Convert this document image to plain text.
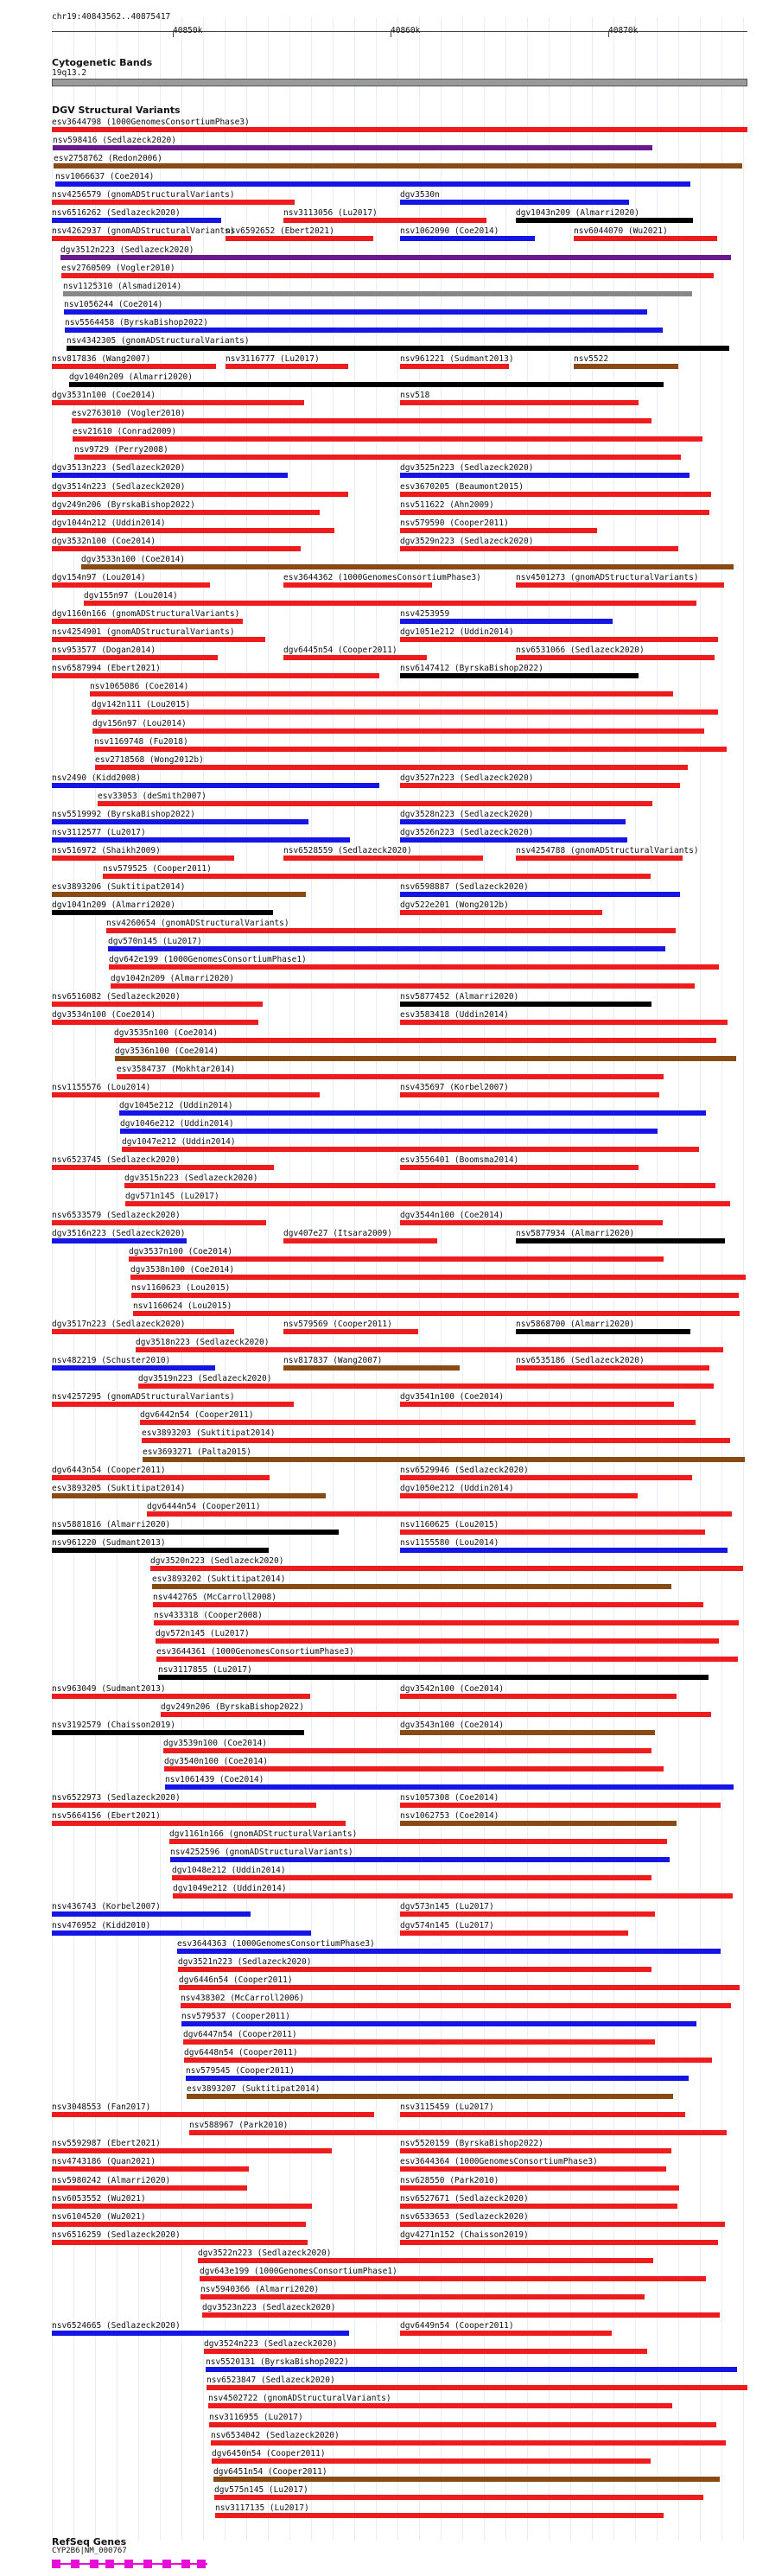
chr19:40843562..40875417
40850k	40860k	40870k
Cytogenetic Bands
19q13.2
DGV Structural Variants
esv3644798 (1000GenomesConsortiumPhase3)
nsv598416 (Sedlazeck2020)
esv2758762 (Redon2006)
nsv1066637 (Coe2014)
nsv4256579 (gnomADStructuralVariants)	dgv3530n
nsv6516262 (Sedlazeck2020)	nsv3113056 (Lu2017)	dgv1043n209 (Almarri2020)
nsv4262937 (gnomADStructuralVariants)
nsv6592652 (Ebert2021)	nsv1062090 (Coe2014)	nsv6044070 (Wu2021)
dgv3512n223 (Sedlazeck2020)
esv2760509 (Vogler2010)
nsv1125310 (Alsmadi2014)
nsv1056244 (Coe2014)
nsv5564458 (ByrskaBishop2022)
nsv4342305 (gnomADStructuralVariants)
nsv817836 (Wang2007)	nsv3116777 (Lu2017)	nsv961221 (Sudmant2013)	nsv5522
dgv1040n209 (Almarri2020)
dgv3531n100 (Coe2014)	nsv518
esv2763010 (Vogler2010)
esv21610 (Conrad2009)
nsv9729 (Perry2008)
dgv3513n223 (Sedlazeck2020)	dgv3525n223 (Sedlazeck2020)
dgv3514n223 (Sedlazeck2020)	esv3670205 (Beaumont2015)
dgv249n206 (ByrskaBishop2022)	nsv511622 (Ahn2009)
dgv1044n212 (Uddin2014)	nsv579590 (Cooper2011)
dgv3532n100 (Coe2014)	dgv3529n223 (Sedlazeck2020)
dgv3533n100 (Coe2014)
dgv154n97 (Lou2014)	esv3644362 (1000GenomesConsortiumPhase3)	nsv4501273 (gnomADStructuralVariants)
dgv155n97 (Lou2014)
dgv1160n166 (gnomADStructuralVariants)	nsv4253959
nsv4254901 (gnomADStructuralVariants)	dgv1051e212 (Uddin2014)
nsv953577 (Dogan2014)	dgv6445n54 (Cooper2011)	nsv6531066 (Sedlazeck2020)
nsv6587994 (Ebert2021)	nsv6147412 (ByrskaBishop2022)
nsv1065086 (Coe2014)
dgv142n111 (Lou2015)
dgv156n97 (Lou2014)
nsv1169748 (Fu2018)
esv2718568 (Wong2012b)
nsv2490 (Kidd2008)	dgv3527n223 (Sedlazeck2020)
esv33053 (deSmith2007)
nsv5519992 (ByrskaBishop2022)	dgv3528n223 (Sedlazeck2020)
nsv3112577 (Lu2017)	dgv3526n223 (Sedlazeck2020)
nsv516972 (Shaikh2009)	nsv6528559 (Sedlazeck2020)	nsv4254788 (gnomADStructuralVariants)
nsv579525 (Cooper2011)
esv3893206 (Suktitipat2014)	nsv6598887 (Sedlazeck2020)
dgv1041n209 (Almarri2020)	dgv522e201 (Wong2012b)
nsv4260654 (gnomADStructuralVariants)
dgv570n145 (Lu2017)
dgv642e199 (1000GenomesConsortiumPhase1)
dgv1042n209 (Almarri2020)
nsv6516082 (Sedlazeck2020)	nsv5877452 (Almarri2020)
dgv3534n100 (Coe2014)	esv3583418 (Uddin2014)
dgv3535n100 (Coe2014)
dgv3536n100 (Coe2014)
esv3584737 (Mokhtar2014)
nsv1155576 (Lou2014)	nsv435697 (Korbel2007)
dgv1045e212 (Uddin2014)
dgv1046e212 (Uddin2014)
dgv1047e212 (Uddin2014)
nsv6523745 (Sedlazeck2020)	esv3556401 (Boomsma2014)
dgv3515n223 (Sedlazeck2020)
dgv571n145 (Lu2017)
nsv6533579 (Sedlazeck2020)	dgv3544n100 (Coe2014)
dgv3516n223 (Sedlazeck2020)	dgv407e27 (Itsara2009)	nsv5877934 (Almarri2020)
dgv3537n100 (Coe2014)
dgv3538n100 (Coe2014)
nsv1160623 (Lou2015)
nsv1160624 (Lou2015)
dgv3517n223 (Sedlazeck2020)	nsv579569 (Cooper2011)	nsv5868700 (Almarri2020)
dgv3518n223 (Sedlazeck2020)
nsv482219 (Schuster2010)	nsv817837 (Wang2007)	nsv6535186 (Sedlazeck2020)
dgv3519n223 (Sedlazeck2020)
nsv4257295 (gnomADStructuralVariants)	dgv3541n100 (Coe2014)
dgv6442n54 (Cooper2011)
esv3893203 (Suktitipat2014)
esv3693271 (Palta2015)
dgv6443n54 (Cooper2011)	nsv6529946 (Sedlazeck2020)
esv3893205 (Suktitipat2014)	dgv1050e212 (Uddin2014)
dgv6444n54 (Cooper2011)
nsv5881816 (Almarri2020)	nsv1160625 (Lou2015)
nsv961220 (Sudmant2013)	nsv1155580 (Lou2014)
dgv3520n223 (Sedlazeck2020)
esv3893202 (Suktitipat2014)
nsv442765 (McCarroll2008)
nsv433318 (Cooper2008)
dgv572n145 (Lu2017)
esv3644361 (1000GenomesConsortiumPhase3)
nsv3117855 (Lu2017)
nsv963049 (Sudmant2013)	dgv3542n100 (Coe2014)
dgv249n206 (ByrskaBishop2022)
nsv3192579 (Chaisson2019)	dgv3543n100 (Coe2014)
dgv3539n100 (Coe2014)
dgv3540n100 (Coe2014)
nsv1061439 (Coe2014)
nsv6522973 (Sedlazeck2020)	nsv1057308 (Coe2014)
nsv5664156 (Ebert2021)	nsv1062753 (Coe2014)
dgv1161n166 (gnomADStructuralVariants)
nsv4252596 (gnomADStructuralVariants)
dgv1048e212 (Uddin2014)
dgv1049e212 (Uddin2014)
nsv436743 (Korbel2007)	dgv573n145 (Lu2017)
nsv476952 (Kidd2010)	dgv574n145 (Lu2017)
esv3644363 (1000GenomesConsortiumPhase3)
dgv3521n223 (Sedlazeck2020)
dgv6446n54 (Cooper2011)
nsv438302 (McCarroll2006)
nsv579537 (Cooper2011)
dgv6447n54 (Cooper2011)
dgv6448n54 (Cooper2011)
nsv579545 (Cooper2011)
esv3893207 (Suktitipat2014)
nsv3048553 (Fan2017)	nsv3115459 (Lu2017)
nsv588967 (Park2010)
nsv5592987 (Ebert2021)	nsv5520159 (ByrskaBishop2022)
nsv4743186 (Quan2021)	esv3644364 (1000GenomesConsortiumPhase3)
nsv5980242 (Almarri2020)	nsv628550 (Park2010)
nsv6053552 (Wu2021)	nsv6527671 (Sedlazeck2020)
nsv6104520 (Wu2021)	nsv6533653 (Sedlazeck2020)
nsv6516259 (Sedlazeck2020)	dgv4271n152 (Chaisson2019)
dgv3522n223 (Sedlazeck2020)
dgv643e199 (1000GenomesConsortiumPhase1)
nsv5940366 (Almarri2020)
dgv3523n223 (Sedlazeck2020)
nsv6524665 (Sedlazeck2020)	dgv6449n54 (Cooper2011)
dgv3524n223 (Sedlazeck2020)
nsv5520131 (ByrskaBishop2022)
nsv6523847 (Sedlazeck2020)
nsv4502722 (gnomADStructuralVariants)
nsv3116955 (Lu2017)
nsv6534042 (Sedlazeck2020)
dgv6450n54 (Cooper2011)
dgv6451n54 (Cooper2011)
dgv575n145 (Lu2017)
nsv3117135 (Lu2017)
RefSeq Genes
CYP2B6|NM_000767
